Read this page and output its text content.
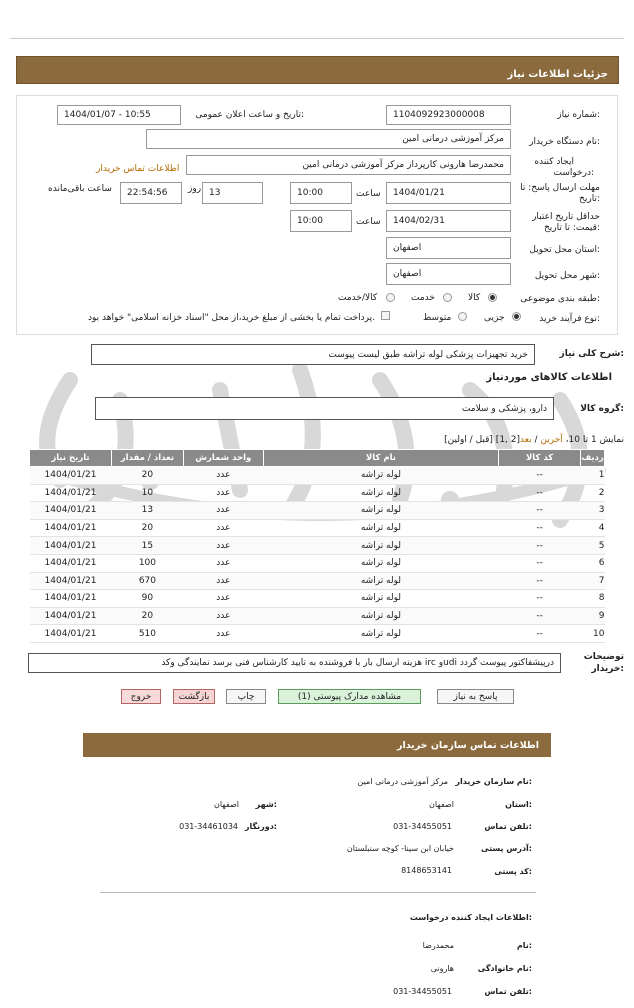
جزئیات اطلاعات نیاز
شماره نیاز:
1104092923000008
تاریخ و ساعت اعلان عمومی:
1404/01/07 - 10:55
نام دستگاه خریدار:
مرکز آموزشی درمانی امین
ایجاد کننده
درخواست:
محمدرضا هارونی کارپرداز مرکز آموزشی درمانی امین
اطلاعات تماس خریدار
مهلت ارسال پاسخ: تا
تاریخ:
1404/01/21
ساعت
10:00
13
روز
22:54:56
ساعت باقی‌مانده
حداقل تاریخ اعتبار
قیمت: تا تاریخ:
1404/02/31
ساعت
10:00
استان محل تحویل:
اصفهان
شهر محل تحویل:
اصفهان
طبقه بندی موضوعی:
کالا
خدمت
کالا/خدمت
نوع فرآیند خرید:
جزیی
متوسط
پرداخت تمام یا بخشی از مبلغ خرید،از محل "اسناد خزانه اسلامی" خواهد بود.
شرح کلی نیاز:
خرید تجهیزات پزشکی لوله تراشه طبق لیست پیوست
اطلاعات کالاهای موردنیاز
گروه کالا:
دارو، پزشکی و سلامت
نمایش 1 تا 10، آخرین / بعد[2 ,1] [قبل / اولین]
ردیف	کد کالا	نام کالا	واحد شمارش	تعداد / مقدار	تاریخ نیاز
1	--	لوله تراشه	عدد	20	1404/01/21
2	--	لوله تراشه	عدد	10	1404/01/21
3	--	لوله تراشه	عدد	13	1404/01/21
4	--	لوله تراشه	عدد	20	1404/01/21
5	--	لوله تراشه	عدد	15	1404/01/21
6	--	لوله تراشه	عدد	100	1404/01/21
7	--	لوله تراشه	عدد	670	1404/01/21
8	--	لوله تراشه	عدد	90	1404/01/21
9	--	لوله تراشه	عدد	20	1404/01/21
10	--	لوله تراشه	عدد	510	1404/01/21
توضیحات
خریدار:
هزینه ارسال بار با فروشنده به تایید کارشناس فنی برسد نمایندگی وکد irc وudi درپیشفاکتور پیوست گردد
پاسخ به نیاز
مشاهده مدارک پیوستی (1)
چاپ
بازگشت
خروج
اطلاعات تماس سازمان خریدار
نام سازمان خریدار:
مرکز آموزشی درمانی امین
استان:
اصفهان
شهر:
اصفهان
تلفن تماس:
031-34455051
دورنگار:
031-34461034
آدرس پستی:
خیابان ابن سینا- کوچه سنبلستان
کد پستی:
8148653141
اطلاعات ایجاد کننده درخواست:
نام:
محمدرضا
نام خانوادگی:
هارونی
تلفن تماس:
031-34455051
